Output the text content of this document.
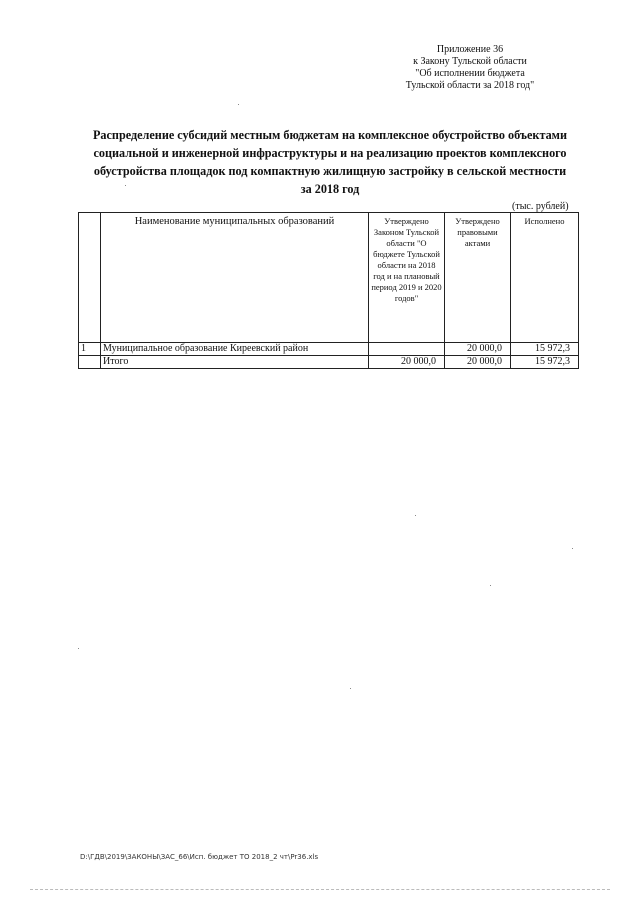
Приложение 36
к Закону Тульской области
"Об исполнении бюджета
Тульской области за 2018 год"
Распределение субсидий местным бюджетам на комплексное обустройство объектами
социальной и инженерной инфраструктуры и на реализацию проектов комплексного
обустройства площадок под компактную жилищную застройку в сельской местности
за 2018 год
(тыс. рублей)
	Наименование муниципальных образований	Утверждено Законом Тульской области "О бюджете Тульской области на 2018 год и на плановый период 2019 и 2020 годов"	Утверждено правовыми актами	Исполнено
1	Муниципальное образование Киреевский район		20 000,0	15 972,3
	Итого	20 000,0	20 000,0	15 972,3
D:\ГДВ\2019\ЗАКОНЫ\ЗАС_66\Исп. бюджет ТО 2018_2 чт\Pr36.xls
